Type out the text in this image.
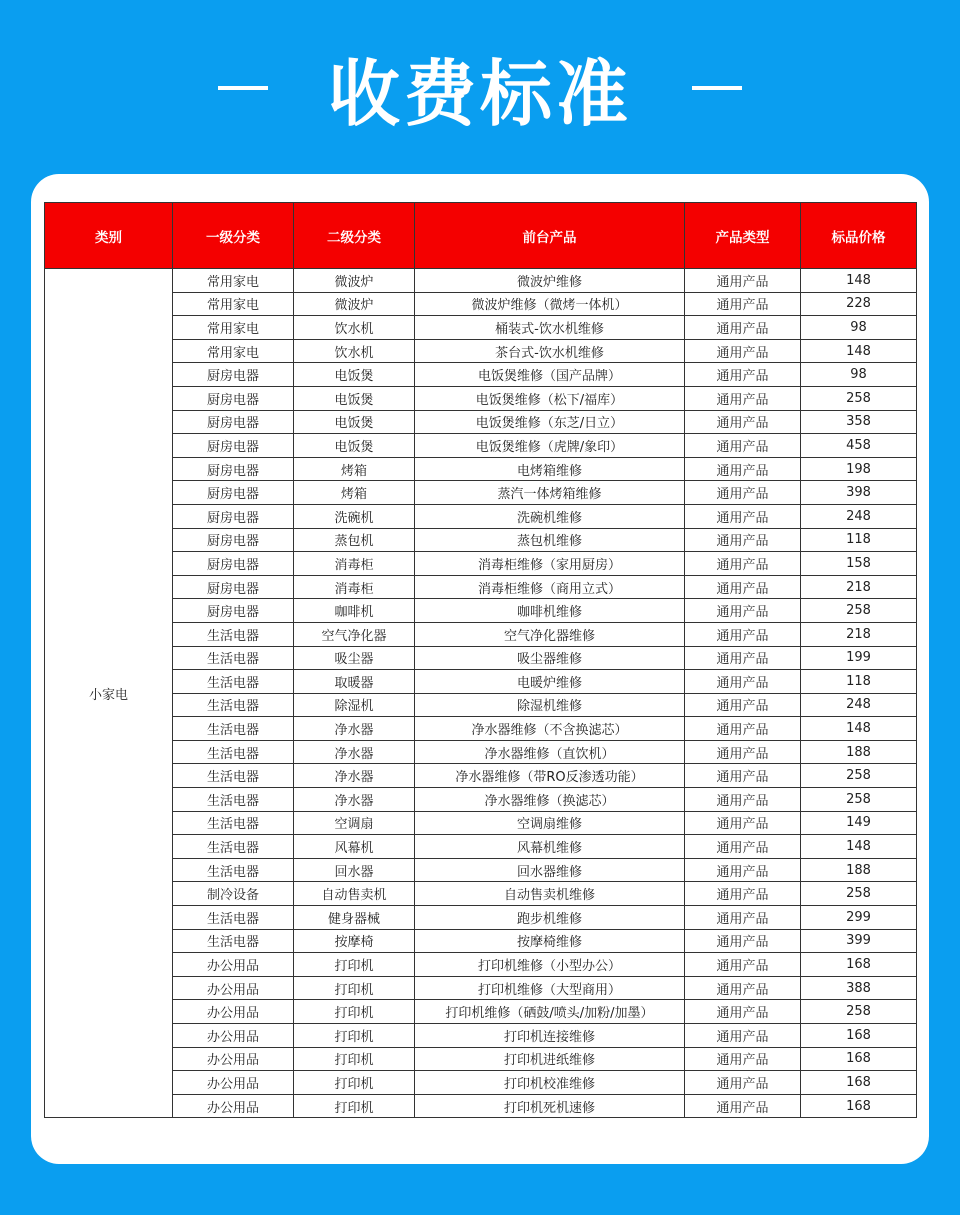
收费标准
类别	一级分类	二级分类	前台产品	产品类型	标品价格
小家电	常用家电	微波炉	微波炉维修	通用产品	148
	常用家电	微波炉	微波炉维修（微烤一体机）	通用产品	228
	常用家电	饮水机	桶装式-饮水机维修	通用产品	98
	常用家电	饮水机	茶台式-饮水机维修	通用产品	148
	厨房电器	电饭煲	电饭煲维修（国产品牌）	通用产品	98
	厨房电器	电饭煲	电饭煲维修（松下/福库）	通用产品	258
	厨房电器	电饭煲	电饭煲维修（东芝/日立）	通用产品	358
	厨房电器	电饭煲	电饭煲维修（虎牌/象印）	通用产品	458
	厨房电器	烤箱	电烤箱维修	通用产品	198
	厨房电器	烤箱	蒸汽一体烤箱维修	通用产品	398
	厨房电器	洗碗机	洗碗机维修	通用产品	248
	厨房电器	蒸包机	蒸包机维修	通用产品	118
	厨房电器	消毒柜	消毒柜维修（家用厨房）	通用产品	158
	厨房电器	消毒柜	消毒柜维修（商用立式）	通用产品	218
	厨房电器	咖啡机	咖啡机维修	通用产品	258
	生活电器	空气净化器	空气净化器维修	通用产品	218
	生活电器	吸尘器	吸尘器维修	通用产品	199
	生活电器	取暖器	电暖炉维修	通用产品	118
	生活电器	除湿机	除湿机维修	通用产品	248
	生活电器	净水器	净水器维修（不含换滤芯）	通用产品	148
	生活电器	净水器	净水器维修（直饮机）	通用产品	188
	生活电器	净水器	净水器维修（带RO反渗透功能）	通用产品	258
	生活电器	净水器	净水器维修（换滤芯）	通用产品	258
	生活电器	空调扇	空调扇维修	通用产品	149
	生活电器	风幕机	风幕机维修	通用产品	148
	生活电器	回水器	回水器维修	通用产品	188
	制冷设备	自动售卖机	自动售卖机维修	通用产品	258
	生活电器	健身器械	跑步机维修	通用产品	299
	生活电器	按摩椅	按摩椅维修	通用产品	399
	办公用品	打印机	打印机维修（小型办公）	通用产品	168
	办公用品	打印机	打印机维修（大型商用）	通用产品	388
	办公用品	打印机	打印机维修（硒鼓/喷头/加粉/加墨）	通用产品	258
	办公用品	打印机	打印机连接维修	通用产品	168
	办公用品	打印机	打印机进纸维修	通用产品	168
	办公用品	打印机	打印机校准维修	通用产品	168
	办公用品	打印机	打印机死机速修	通用产品	168
